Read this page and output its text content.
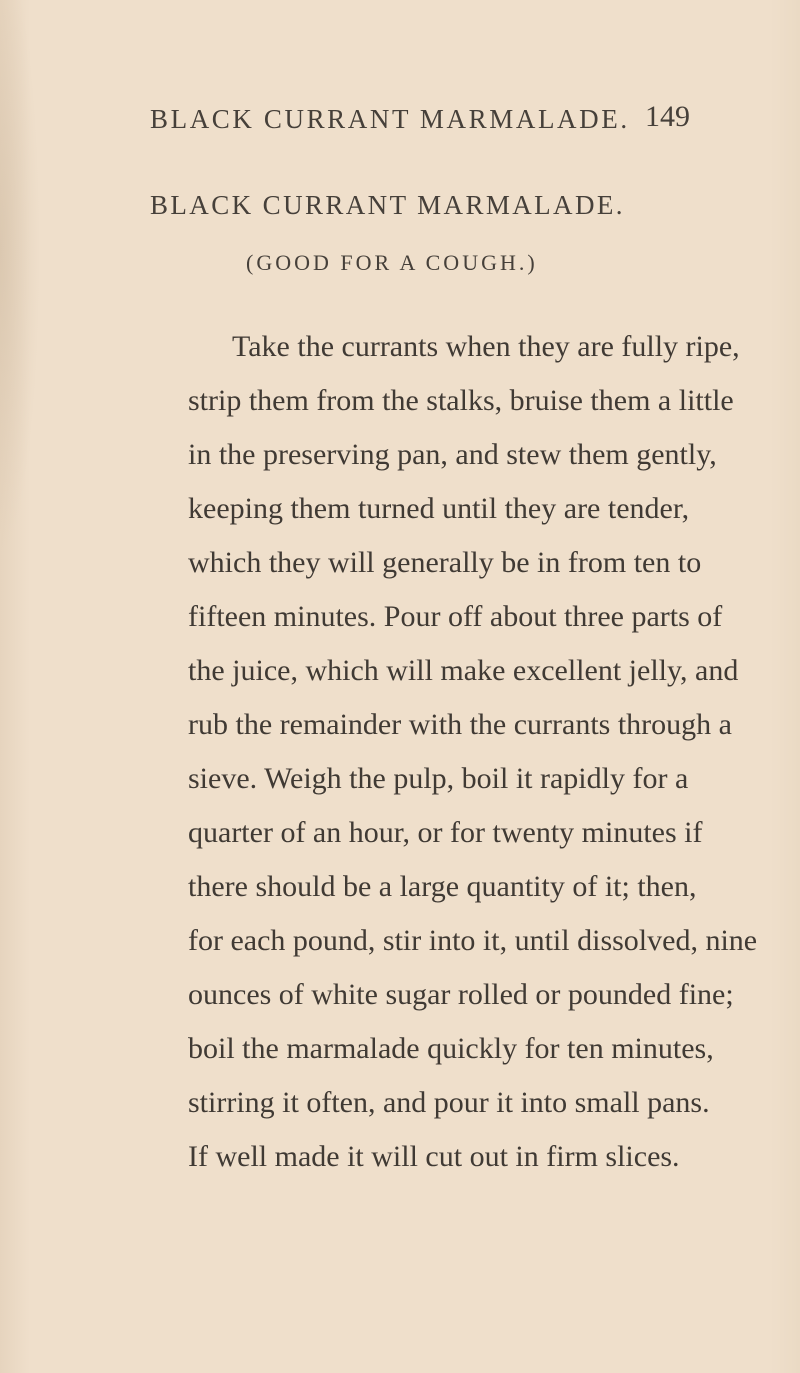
BLACK CURRANT MARMALADE. 149
BLACK CURRANT MARMALADE.
(GOOD FOR A COUGH.)
Take the currants when they are fully ripe,
strip them from the stalks, bruise them a little
in the preserving pan, and stew them gently,
keeping them turned until they are tender,
which they will generally be in from ten to
fifteen minutes. Pour off about three parts of
the juice, which will make excellent jelly, and
rub the remainder with the currants through a
sieve. Weigh the pulp, boil it rapidly for a
quarter of an hour, or for twenty minutes if
there should be a large quantity of it; then,
for each pound, stir into it, until dissolved, nine
ounces of white sugar rolled or pounded fine;
boil the marmalade quickly for ten minutes,
stirring it often, and pour it into small pans.
If well made it will cut out in firm slices.
